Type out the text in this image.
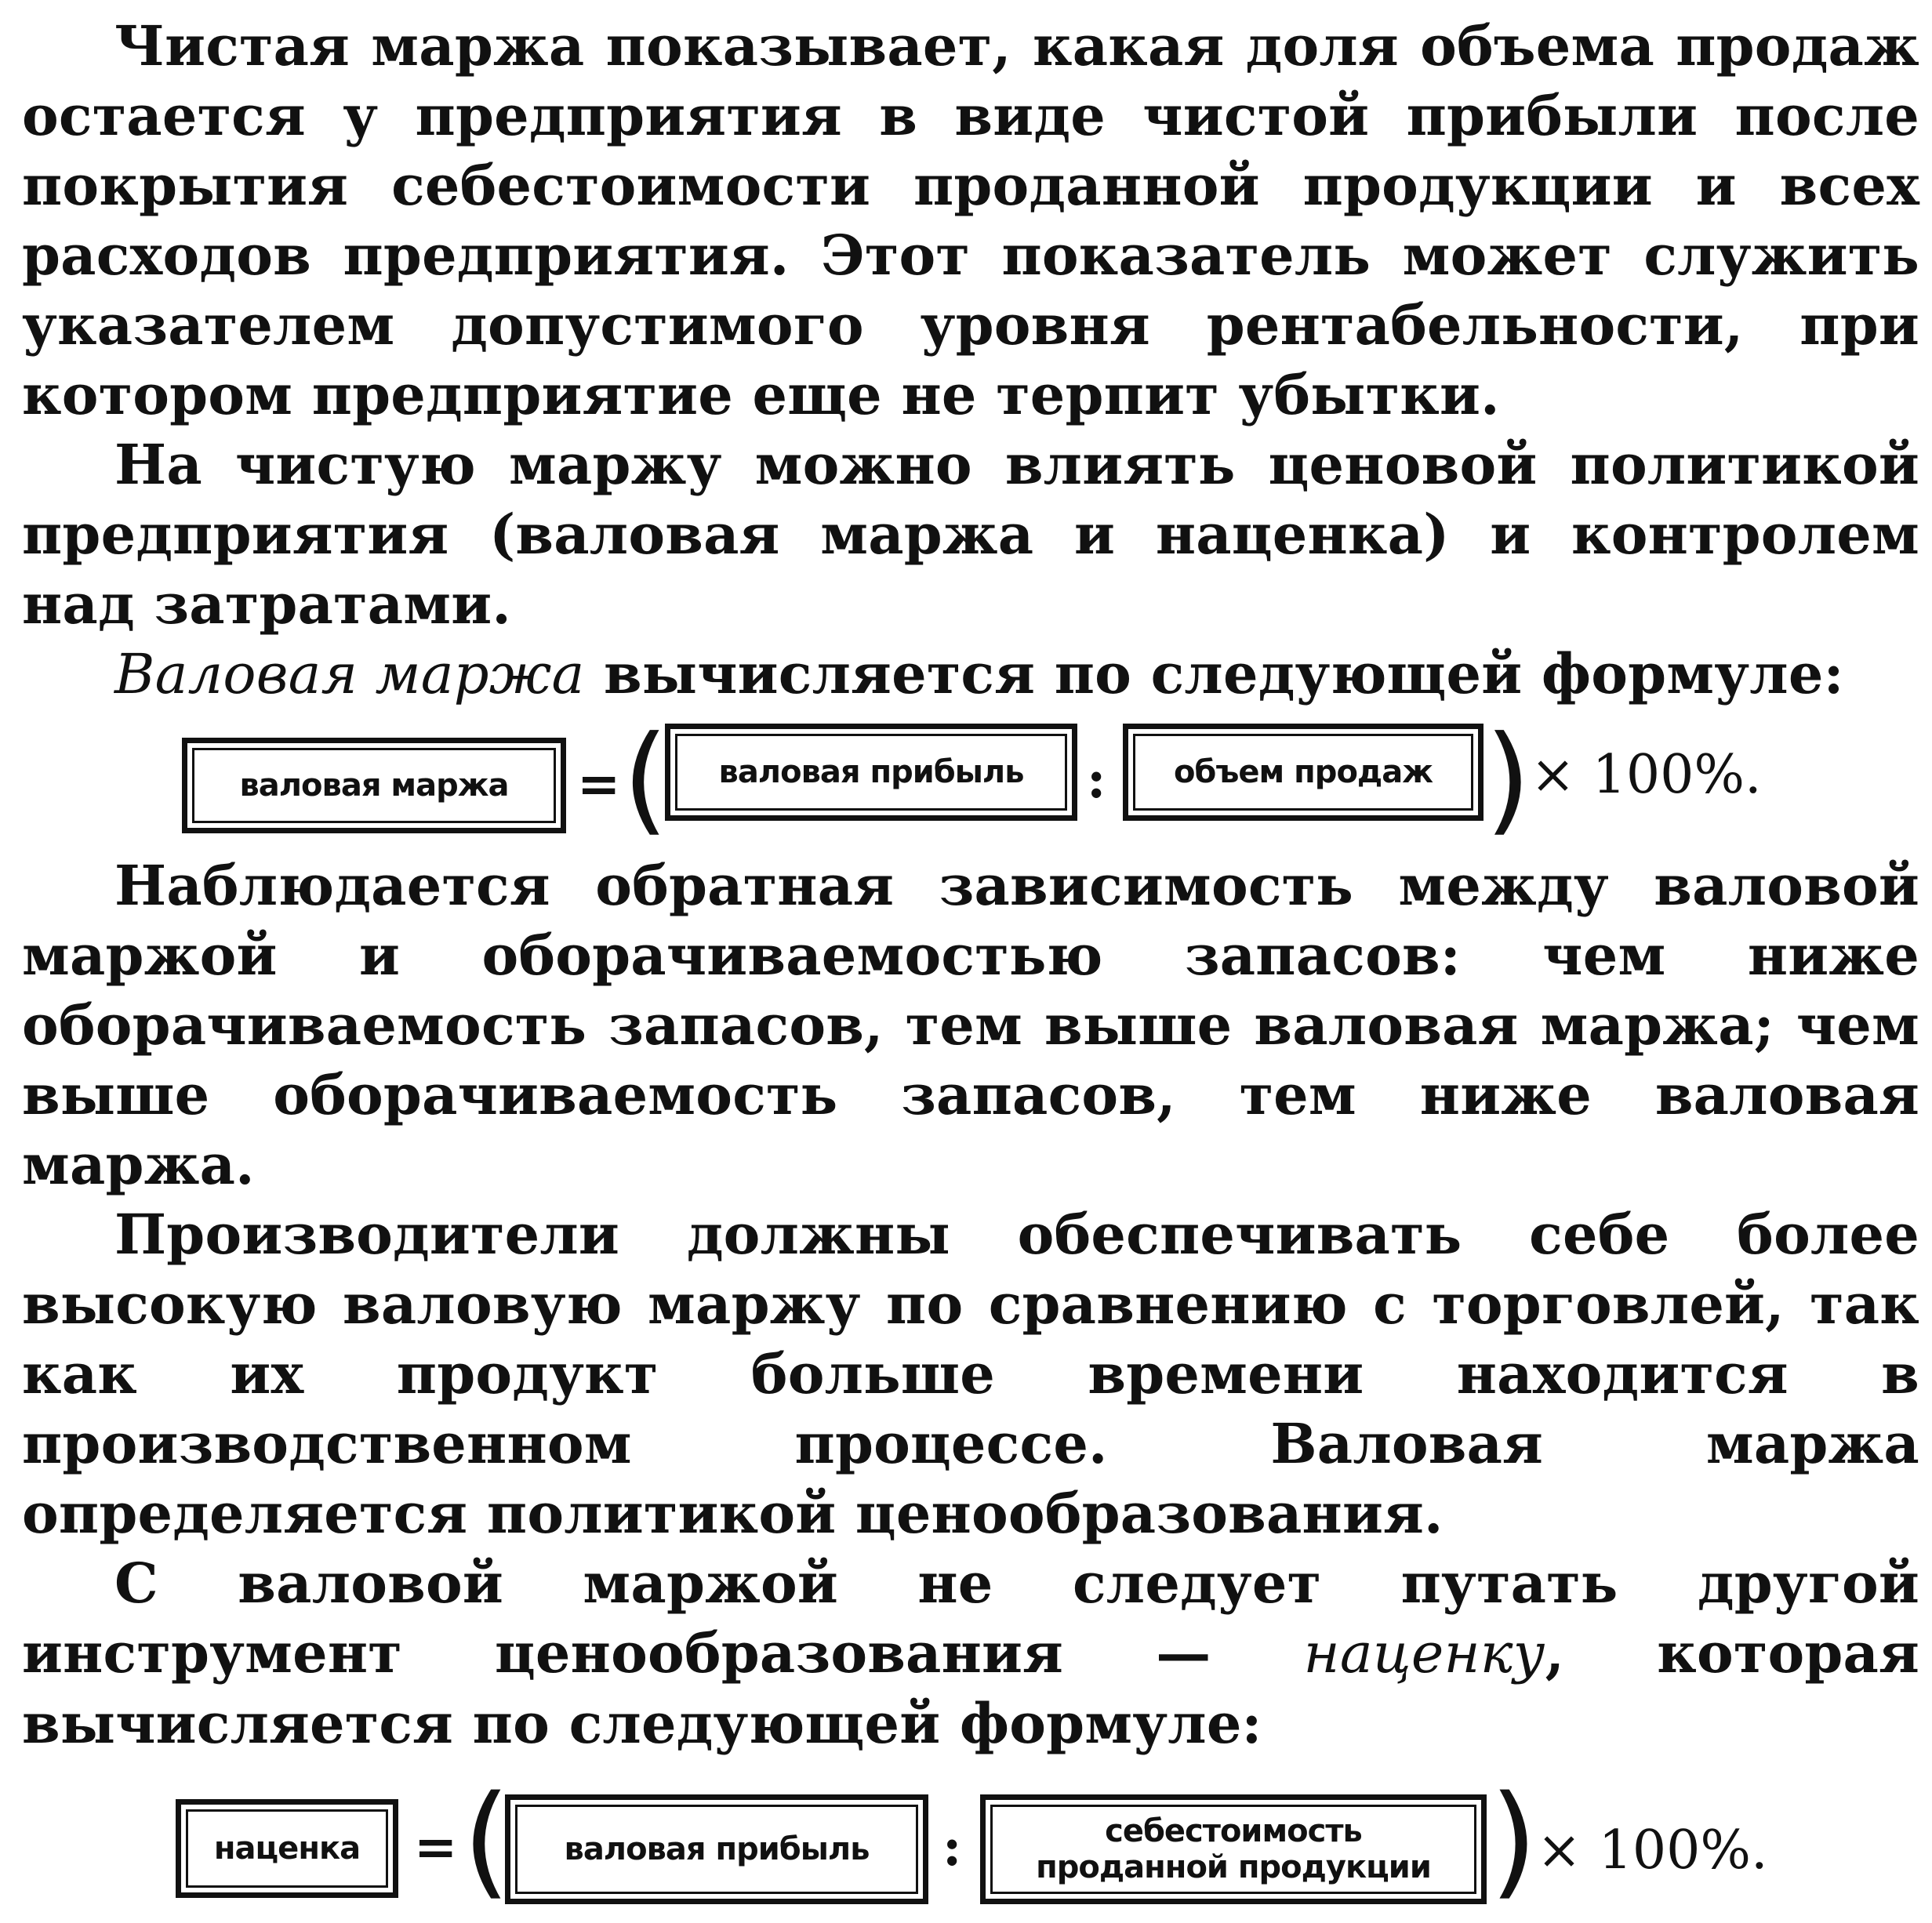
Чистая маржа показывает, какая доля объема продаж остается у предприятия в виде чистой прибыли после покрытия себестоимости проданной продукции и всех расходов предприятия. Этот показатель может служить указателем допустимого уровня рентабельности, при котором предприятие еще не терпит убытки.

На чистую маржу можно влиять ценовой политикой предприятия (валовая маржа и наценка) и контролем над затратами.

Валовая маржа вычисляется по следующей формуле:

валовая маржа	= (	валовая прибыль	:	объем продаж ) × 100%.

Наблюдается обратная зависимость между валовой маржой и оборачиваемостью запасов: чем ниже оборачиваемость запасов, тем выше валовая маржа; чем выше оборачиваемость запасов, тем ниже валовая маржа.

Производители должны обеспечивать себе более высокую валовую маржу по сравнению с торговлей, так как их продукт больше времени находится в производственном процессе. Валовая маржа определяется политикой ценообразования.

С валовой маржой не следует путать другой инструмент ценообразования — наценку, которая вычисляется по следующей формуле:

наценка	= (	валовая прибыль	:	себестоимость
проданной продукции ) × 100%.
